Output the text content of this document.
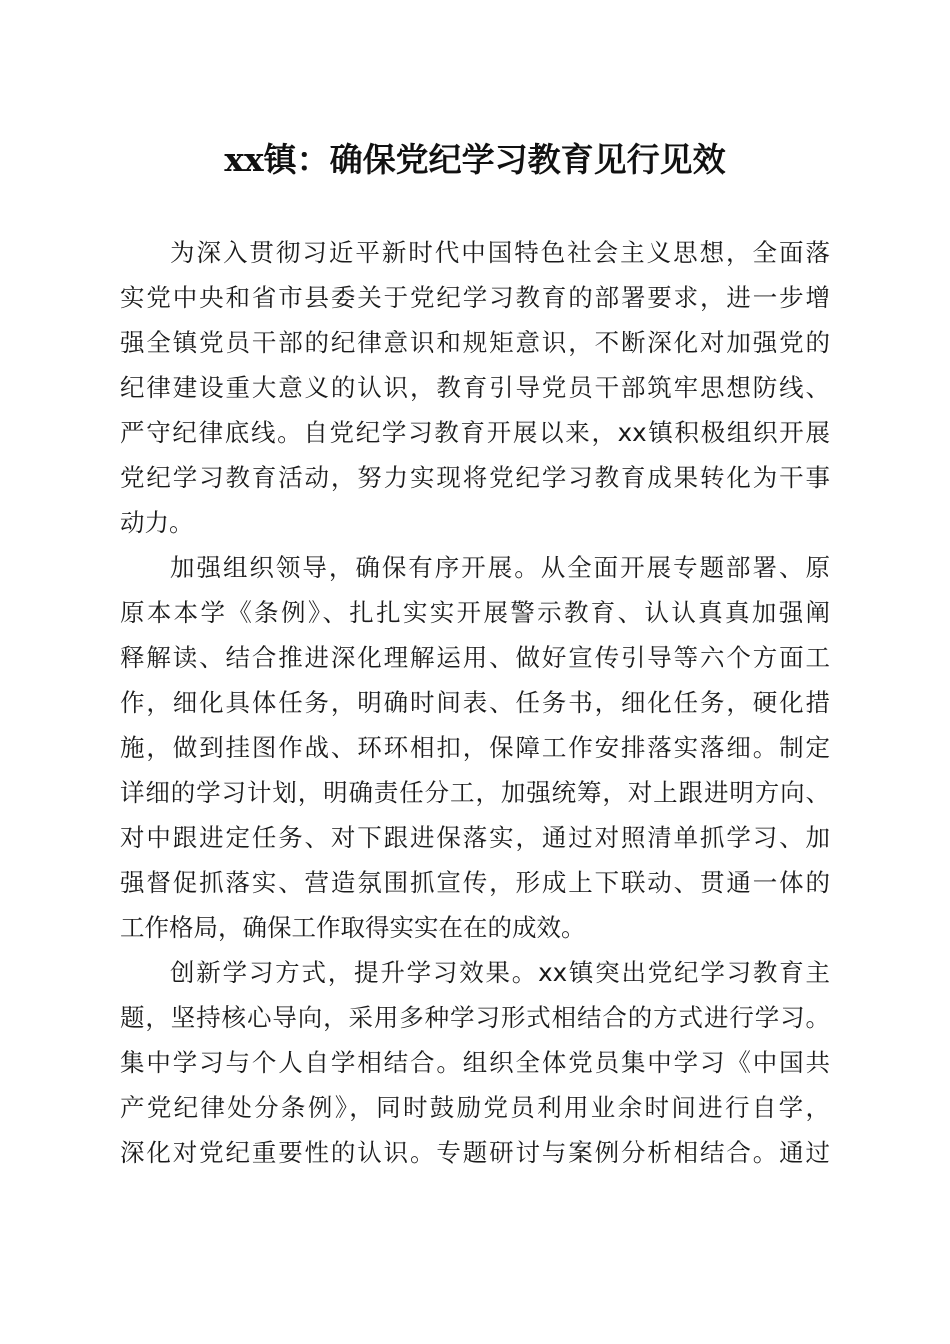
xx镇：确保党纪学习教育见行见效
为深入贯彻习近平新时代中国特色社会主义思想，全面落
实党中央和省市县委关于党纪学习教育的部署要求，进一步增
强全镇党员干部的纪律意识和规矩意识，不断深化对加强党的
纪律建设重大意义的认识，教育引导党员干部筑牢思想防线、
严守纪律底线。自党纪学习教育开展以来，xx镇积极组织开展
党纪学习教育活动，努力实现将党纪学习教育成果转化为干事
动力。
加强组织领导，确保有序开展。从全面开展专题部署、原
原本本学《条例》、扎扎实实开展警示教育、认认真真加强阐
释解读、结合推进深化理解运用、做好宣传引导等六个方面工
作，细化具体任务，明确时间表、任务书，细化任务，硬化措
施，做到挂图作战、环环相扣，保障工作安排落实落细。制定
详细的学习计划，明确责任分工，加强统筹，对上跟进明方向、
对中跟进定任务、对下跟进保落实，通过对照清单抓学习、加
强督促抓落实、营造氛围抓宣传，形成上下联动、贯通一体的
工作格局，确保工作取得实实在在的成效。
创新学习方式，提升学习效果。xx镇突出党纪学习教育主
题，坚持核心导向，采用多种学习形式相结合的方式进行学习。
集中学习与个人自学相结合。组织全体党员集中学习《中国共
产党纪律处分条例》，同时鼓励党员利用业余时间进行自学，
深化对党纪重要性的认识。专题研讨与案例分析相结合。通过
